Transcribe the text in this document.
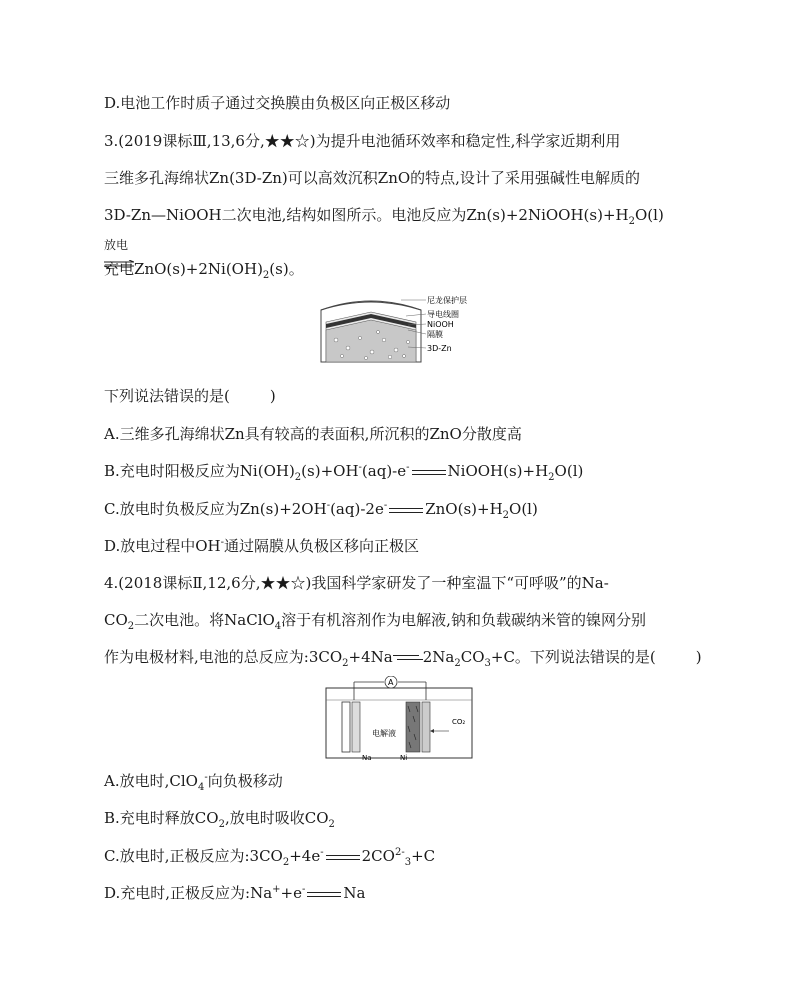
D.电池工作时质子通过交换膜由负极区向正极区移动
3.(2019课标Ⅲ,13,6分,★★☆)为提升电池循环效率和稳定性,科学家近期利用
三维多孔海绵状Zn(3D-Zn)可以高效沉积ZnO的特点,设计了采用强碱性电解质的
3D-Zn—NiOOH二次电池,结构如图所示。电池反应为$Zn(s)+2NiOOH(s)+H_2O(l)$
放电
充电$ZnO(s)+2Ni(OH)_2(s)$。
尼龙保护层
导电线圈
NiOOH
隔膜
3D-Zn
下列说法错误的是(	)
A.三维多孔海绵状Zn具有较高的表面积,所沉积的ZnO分散度高
B.充电时阳极反应为$Ni(OH)_2(s)+OH^-(aq)-e^-$	$NiOOH(s)+H_2O(l)$
C.放电时负极反应为Zn(s)+2OH-(aq)-2e-	$ZnO(s)+H_2O(l)$
D.放电过程中OH-通过隔膜从负极区移向正极区
4.(2018课标Ⅱ,12,6分,★★☆)我国科学家研发了一种室温下“可呼吸”的Na-
$CO_2$二次电池。将NaClO$_4$溶于有机溶剂作为电解液,钠和负载碳纳米管的镍网分别
作为电极材料,电池的总反应为$:3CO_2+4Na$ $2Na_2CO_3+C$。下列说法错误的是(	)
A
CO₂
电解液
Na	Ni
A.放电时,ClO$_4$-向负极移动
B.充电时释放$CO_2$,放电时吸收$CO_2$
C.放电时,正极反应为$:3CO_2+4e^-$	$2CO^{2-}_3+C$
D.充电时,正极反应为:Na++e-	Na
